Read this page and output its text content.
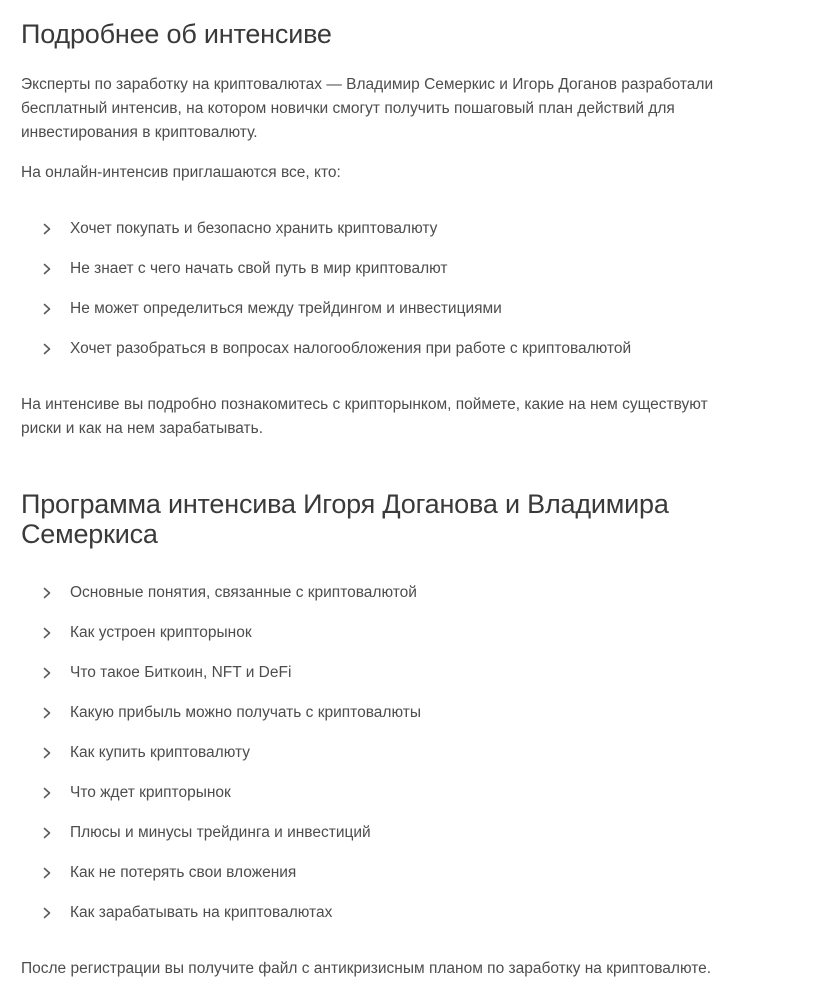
Подробнее об интенсиве

Эксперты по заработку на криптовалютах — Владимир Семеркис и Игорь Доганов разработали
бесплатный интенсив, на котором новички смогут получить пошаговый план действий для
инвестирования в криптовалюту.

На онлайн-интенсив приглашаются все, кто:

Хочет покупать и безопасно хранить криптовалюту
Не знает с чего начать свой путь в мир криптовалют
Не может определиться между трейдингом и инвестициями
Хочет разобраться в вопросах налогообложения при работе с криптовалютой

На интенсиве вы подробно познакомитесь с крипторынком, поймете, какие на нем существуют
риски и как на нем зарабатывать.

Программа интенсива Игоря Доганова и Владимира
Семеркиса
Основные понятия, связанные с криптовалютой
Как устроен крипторынок
Что такое Биткоин, NFT и DeFi
Какую прибыль можно получать с криптовалюты
Как купить криптовалюту
Что ждет крипторынок
Плюсы и минусы трейдинга и инвестиций
Как не потерять свои вложения
Как зарабатывать на криптовалютах

После регистрации вы получите файл с антикризисным планом по заработку на криптовалюте.
